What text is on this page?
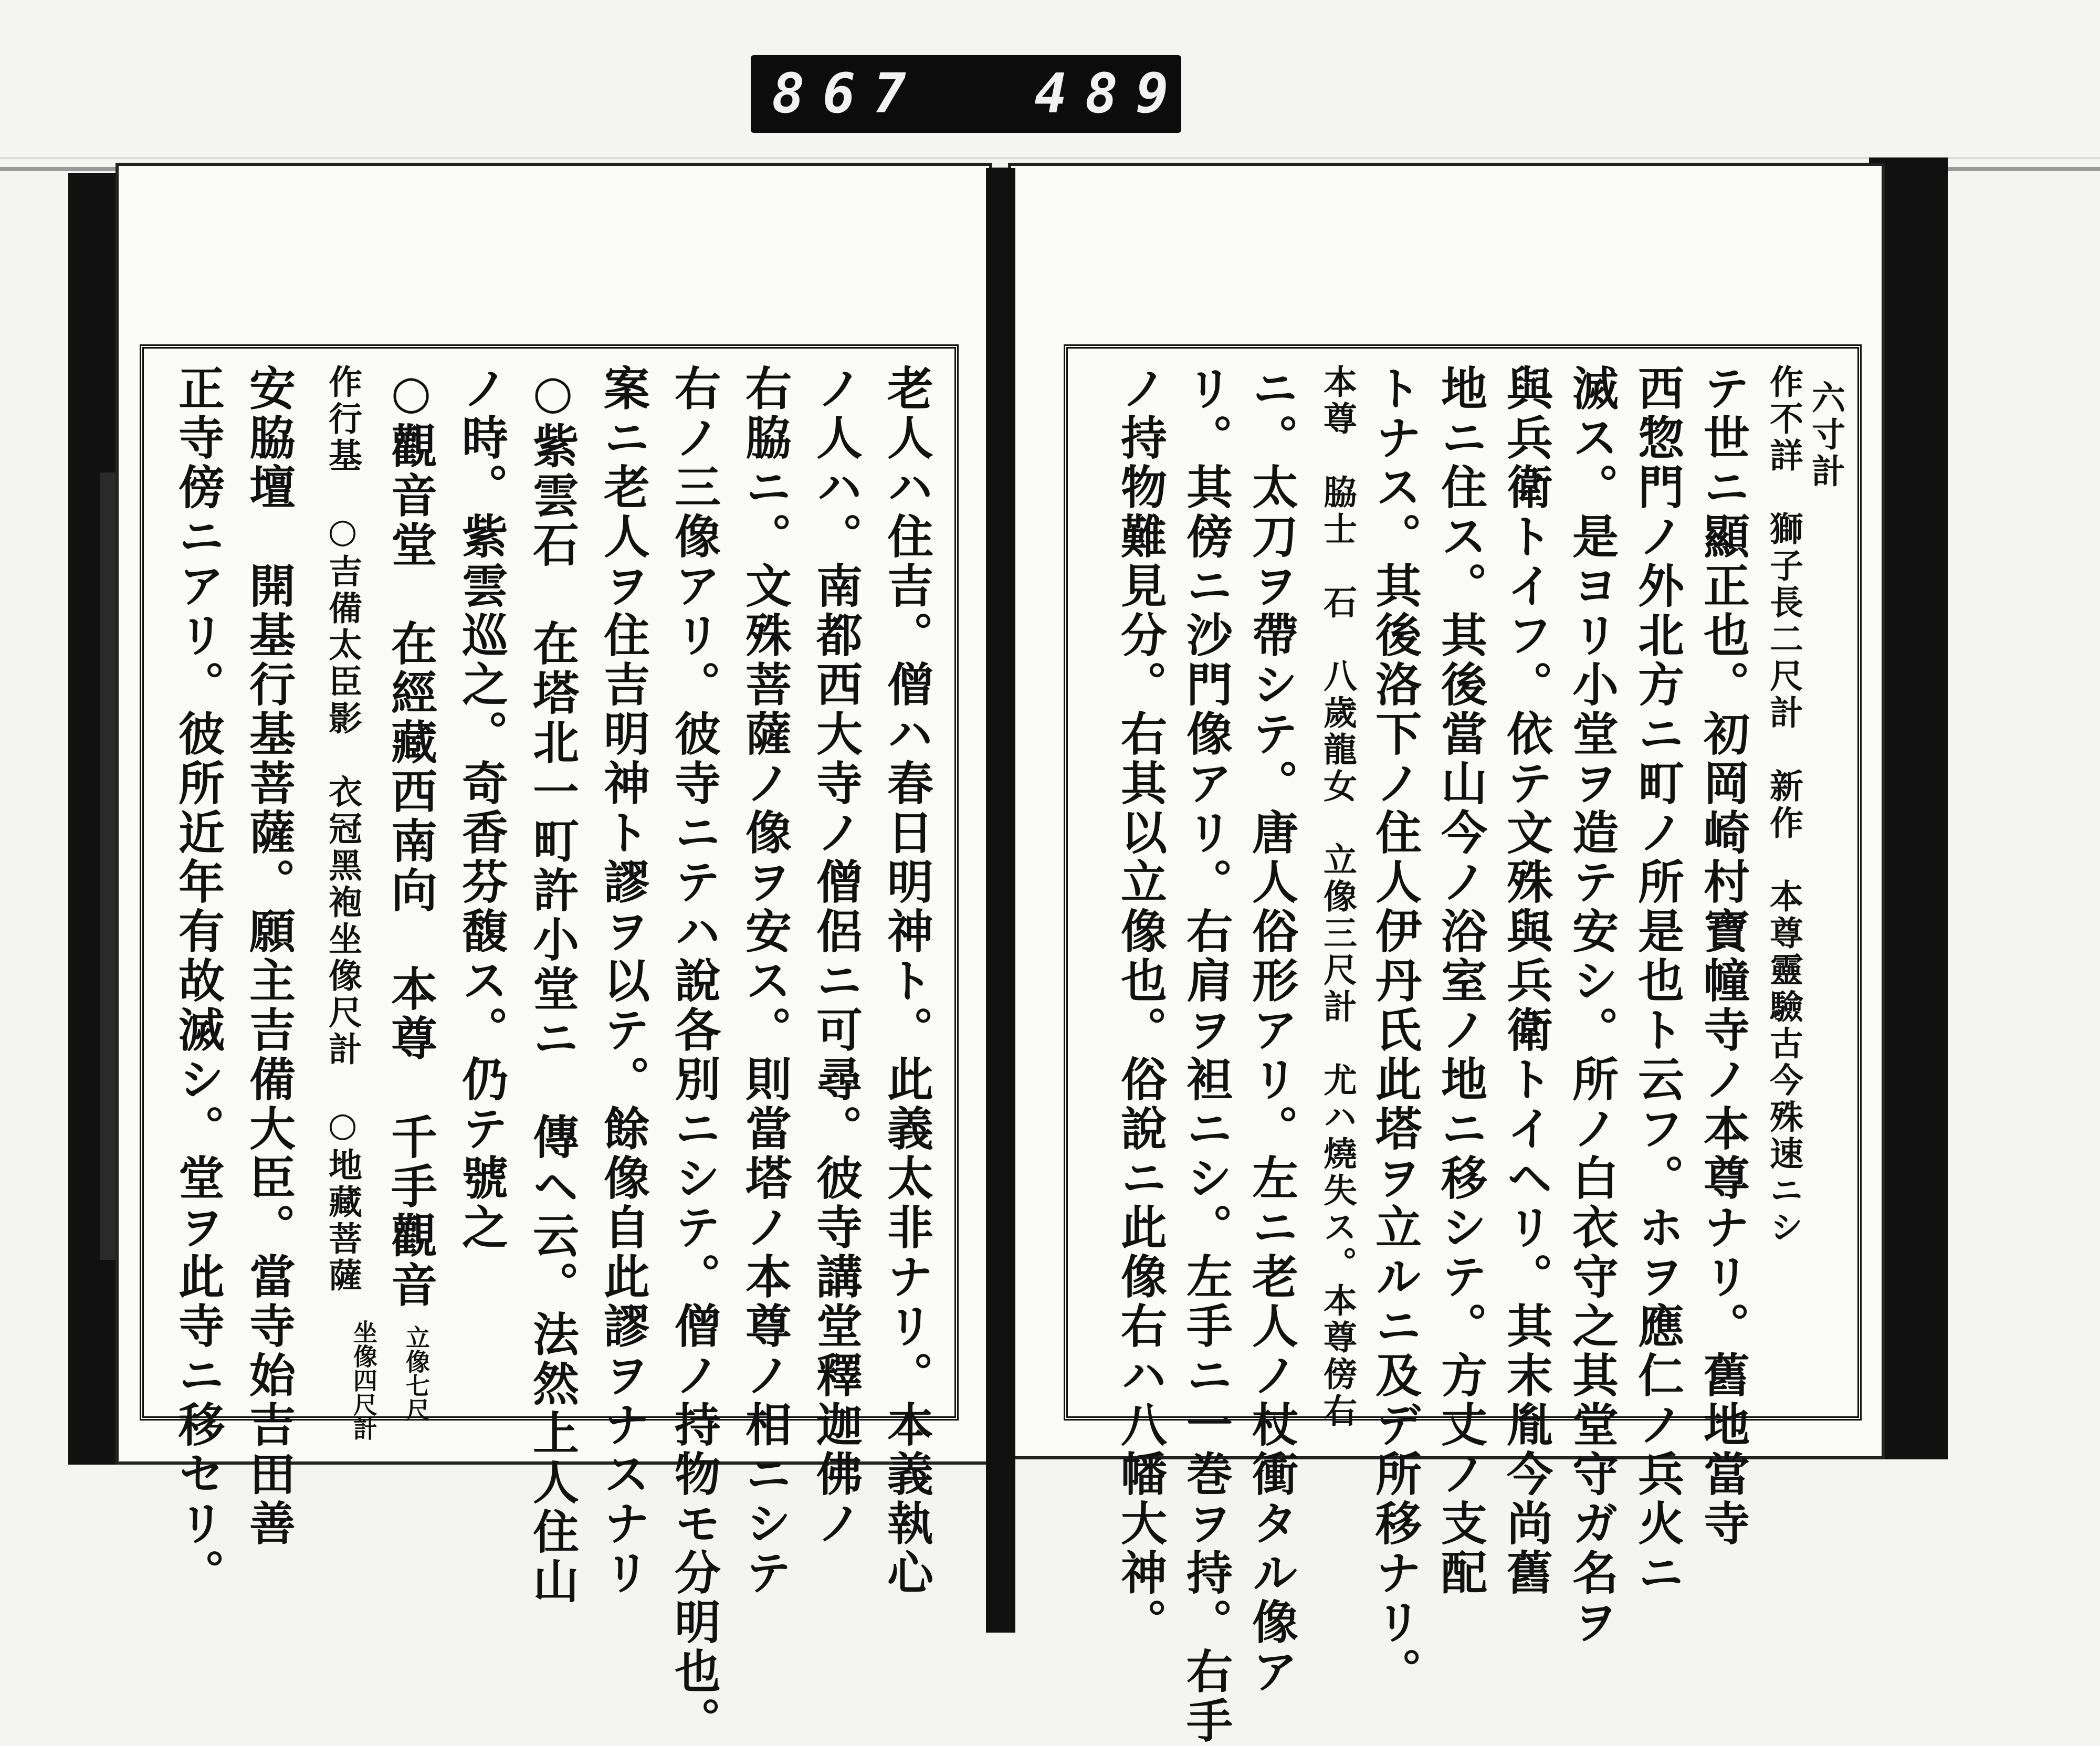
867 489
老人ハ住吉。僧ハ春日明神ト。此義太非ナリ。本義執心
ノ人ハ。南都西大寺ノ僧侶ニ可尋。彼寺講堂釋迦佛ノ
右脇ニ。文殊菩薩ノ像ヲ安ス。則當塔ノ本尊ノ相ニシテ
右ノ三像アリ。彼寺ニテハ說各別ニシテ。僧ノ持物モ分明也。
案ニ老人ヲ住吉明神ト謬ヲ以テ。餘像自此謬ヲナスナリ
○紫雲石　在塔北一町許小堂ニ　傳ヘ云。法然上人住山
ノ時。紫雲巡之。奇香芬馥ス。仍テ號之
○觀音堂　在經藏西南向　本尊　千手觀音
立像七尺
作行基　○吉備太臣影　衣冠黑袍坐像尺計　○地藏菩薩
坐像四尺計
安脇壇　開基行基菩薩。願主吉備大臣。當寺始吉田善
正寺傍ニアリ。彼所近年有故滅シ。堂ヲ此寺ニ移セリ。	六寸計
作不詳　獅子長二尺計　新作　本尊靈驗古今殊速ニシ
テ世ニ顯正也。初岡崎村寶幢寺ノ本尊ナリ。舊地當寺
西惣門ノ外北方ニ町ノ所是也ト云フ。ホヲ應仁ノ兵火ニ
滅ス。是ヨリ小堂ヲ造テ安シ。所ノ白衣守之其堂守ガ名ヲ
與兵衛トイフ。依テ文殊與兵衛トイヘリ。其末胤今尚舊
地ニ住ス。其後當山今ノ浴室ノ地ニ移シテ。方丈ノ支配
トナス。其後洛下ノ住人伊丹氏此塔ヲ立ルニ及デ所移ナリ。
本尊　脇士　石　八歲龍女　立像三尺計　尤ハ燒失ス。本尊傍右
ニ。太刀ヲ帶シテ。唐人俗形アリ。左ニ老人ノ杖衝タル像ア
リ。其傍ニ沙門像アリ。右肩ヲ袒ニシ。左手ニ一巻ヲ持。右手
ノ持物難見分。右其以立像也。俗說ニ此像右ハ八幡大神。
